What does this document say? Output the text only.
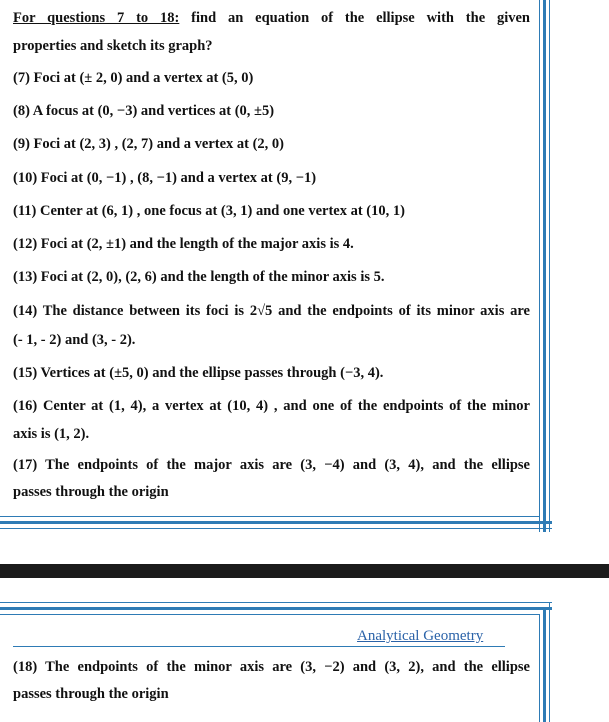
For questions 7 to 18: find an equation of the ellipse with the given
properties and sketch its graph?
(7) Foci at (± 2, 0) and a vertex at (5, 0)
(8) A focus at (0, −3) and vertices at (0, ±5)
(9) Foci at (2, 3) , (2, 7) and a vertex at (2, 0)
(10) Foci at (0, −1) , (8, −1) and a vertex at (9, −1)
(11) Center at (6, 1) , one focus at (3, 1) and one vertex at (10, 1)
(12) Foci at (2, ±1) and the length of the major axis is 4.
(13) Foci at (2, 0), (2, 6) and the length of the minor axis is 5.
(14) The distance between its foci is 2√5 and the endpoints of its minor axis are
(- 1, - 2) and (3, - 2).
(15) Vertices at (±5, 0) and the ellipse passes through (−3, 4).
(16) Center at (1, 4), a vertex at (10, 4) , and one of the endpoints of the minor
axis is (1, 2).
(17) The endpoints of the major axis are (3, −4) and (3, 4), and the ellipse
passes through the origin
Analytical Geometry
(18) The endpoints of the minor axis are (3, −2) and (3, 2), and the ellipse
passes through the origin
